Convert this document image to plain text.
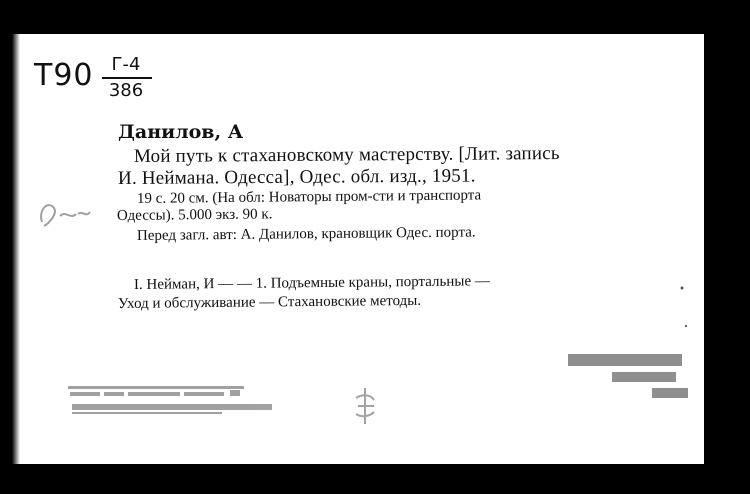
Т90	Г-4
386
Данилов, А
Мой путь к стахановскому мастерству. [Лит. запись
И. Неймана. Одесса], Одес. обл. изд., 1951.
19 с. 20 см. (На обл: Новаторы пром-сти и транспорта
Одессы). 5.000 экз. 90 к.
Перед загл. авт: А. Данилов, крановщик Одес. порта.
I. Нейман, И — — 1. Подъемные краны, портальные —
Уход и обслуживание — Стахановские методы.
